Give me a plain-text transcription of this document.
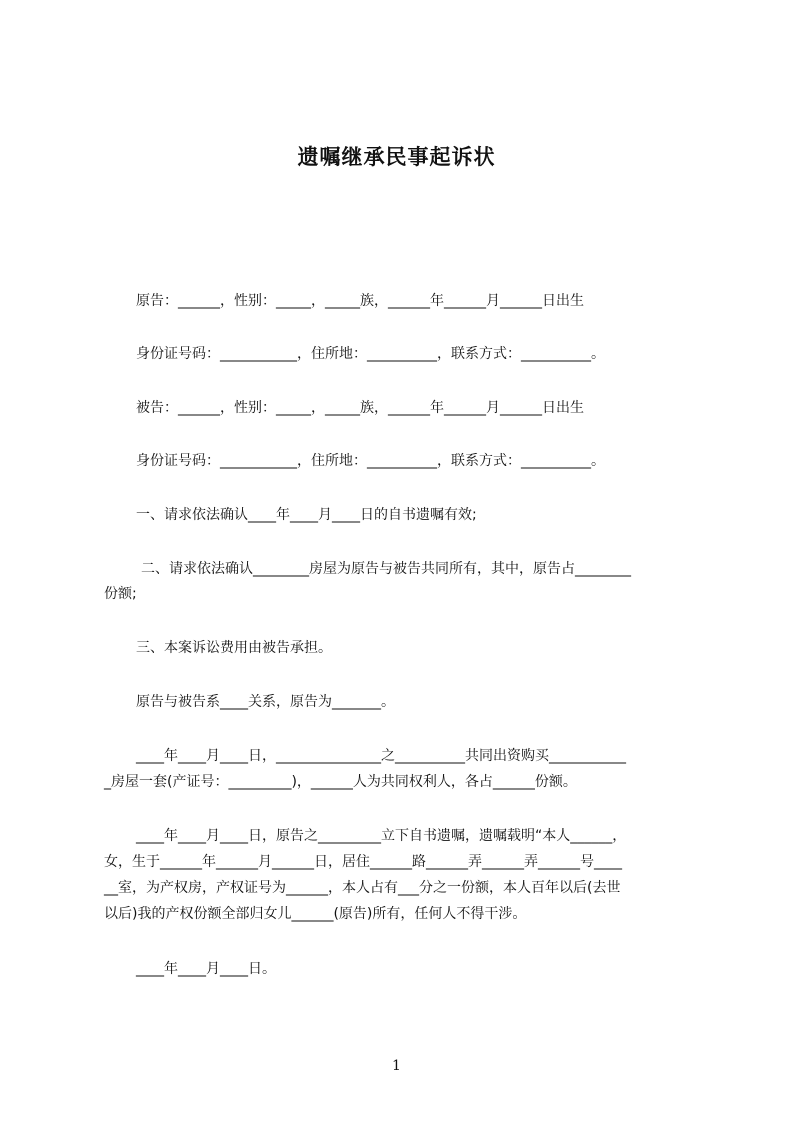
遗嘱继承民事起诉状
原告：______，性别：_____，_____族，______年______月______日出生
身份证号码：___________，住所地：__________，联系方式：__________。
被告：______，性别：_____，_____族，______年______月______日出生
身份证号码：___________，住所地：__________，联系方式：__________。
一、请求依法确认____年____月____日的自书遗嘱有效;
二、请求依法确认________房屋为原告与被告共同所有，其中，原告占________
份额;
三、本案诉讼费用由被告承担。
原告与被告系____关系，原告为_______。
____年____月____日，_______________之__________共同出资购买___________
_房屋一套(产证号：_________)，______人为共同权利人，各占______份额。
____年____月____日，原告之_________立下自书遗嘱，遗嘱载明“本人______，
女，生于______年______月______日，居住______路______弄______弄______号____
__室，为产权房，产权证号为______，本人占有___分之一份额，本人百年以后(去世
以后)我的产权份额全部归女儿______(原告)所有，任何人不得干涉。
____年____月____日。
1
